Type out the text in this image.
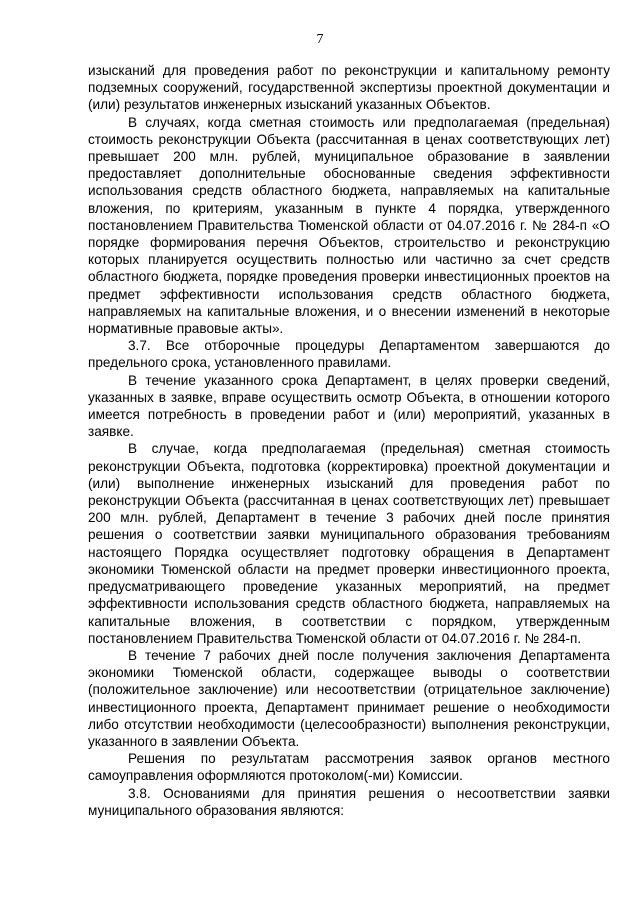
7

изысканий для проведения работ по реконструкции и капитальному ремонту подземных сооружений, государственной экспертизы проектной документации и (или) результатов инженерных изысканий указанных Объектов.

В случаях, когда сметная стоимость или предполагаемая (предельная) стоимость реконструкции Объекта (рассчитанная в ценах соответствующих лет) превышает 200 млн. рублей, муниципальное образование в заявлении предоставляет дополнительные обоснованные сведения эффективности использования средств областного бюджета, направляемых на капитальные вложения, по критериям, указанным в пункте 4 порядка, утвержденного постановлением Правительства Тюменской области от 04.07.2016 г. № 284-п «О порядке формирования перечня Объектов, строительство и реконструкцию которых планируется осуществить полностью или частично за счет средств областного бюджета, порядке проведения проверки инвестиционных проектов на предмет эффективности использования средств областного бюджета, направляемых на капитальные вложения, и о внесении изменений в некоторые нормативные правовые акты».

3.7. Все отборочные процедуры Департаментом завершаются до предельного срока, установленного правилами.

В течение указанного срока Департамент, в целях проверки сведений, указанных в заявке, вправе осуществить осмотр Объекта, в отношении которого имеется потребность в проведении работ и (или) мероприятий, указанных в заявке.

В случае, когда предполагаемая (предельная) сметная стоимость реконструкции Объекта, подготовка (корректировка) проектной документации и (или) выполнение инженерных изысканий для проведения работ по реконструкции Объекта (рассчитанная в ценах соответствующих лет) превышает 200 млн. рублей, Департамент в течение 3 рабочих дней после принятия решения о соответствии заявки муниципального образования требованиям настоящего Порядка осуществляет подготовку обращения в Департамент экономики Тюменской области на предмет проверки инвестиционного проекта, предусматривающего проведение указанных мероприятий, на предмет эффективности использования средств областного бюджета, направляемых на капитальные вложения, в соответствии с порядком, утвержденным постановлением Правительства Тюменской области от 04.07.2016 г. № 284-п.

В течение 7 рабочих дней после получения заключения Департамента экономики Тюменской области, содержащее выводы о соответствии (положительное заключение) или несоответствии (отрицательное заключение) инвестиционного проекта, Департамент принимает решение о необходимости либо отсутствии необходимости (целесообразности) выполнения реконструкции, указанного в заявлении Объекта.

Решения по результатам рассмотрения заявок органов местного самоуправления оформляются протоколом(-ми) Комиссии.

3.8. Основаниями для принятия решения о несоответствии заявки муниципального образования являются:
